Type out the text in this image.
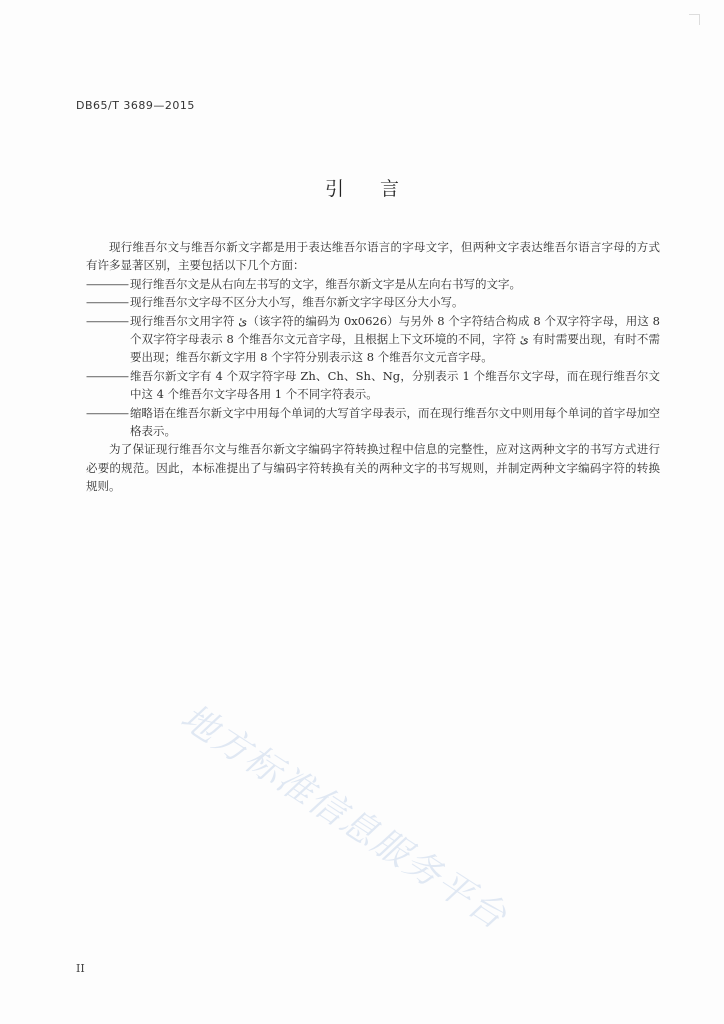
DB65/T 3689—2015
引言

现行维吾尔文与维吾尔新文字都是用于表达维吾尔语言的字母文字，但两种文字表达维吾尔语言字母的方式有许多显著区别，主要包括以下几个方面：

———— 现行维吾尔文是从右向左书写的文字，维吾尔新文字是从左向右书写的文字。

———— 现行维吾尔文字母不区分大小写，维吾尔新文字字母区分大小写。

———— 现行维吾尔文用字符 ئ（该字符的编码为 0x0626）与另外 8 个字符结合构成 8 个双字符字母，用这 8 个双字符字母表示 8 个维吾尔文元音字母，且根据上下文环境的不同，字符 ئ 有时需要出现，有时不需要出现；维吾尔新文字用 8 个字符分别表示这 8 个维吾尔文元音字母。

———— 维吾尔新文字有 4 个双字符字母 Zh、Ch、Sh、Ng，分别表示 1 个维吾尔文字母，而在现行维吾尔文中这 4 个维吾尔文字母各用 1 个不同字符表示。

———— 缩略语在维吾尔新文字中用每个单词的大写首字母表示，而在现行维吾尔文中则用每个单词的首字母加空格表示。

为了保证现行维吾尔文与维吾尔新文字编码字符转换过程中信息的完整性，应对这两种文字的书写方式进行必要的规范。因此，本标准提出了与编码字符转换有关的两种文字的书写规则，并制定两种文字编码字符的转换规则。

地方标准信息服务平台
II
